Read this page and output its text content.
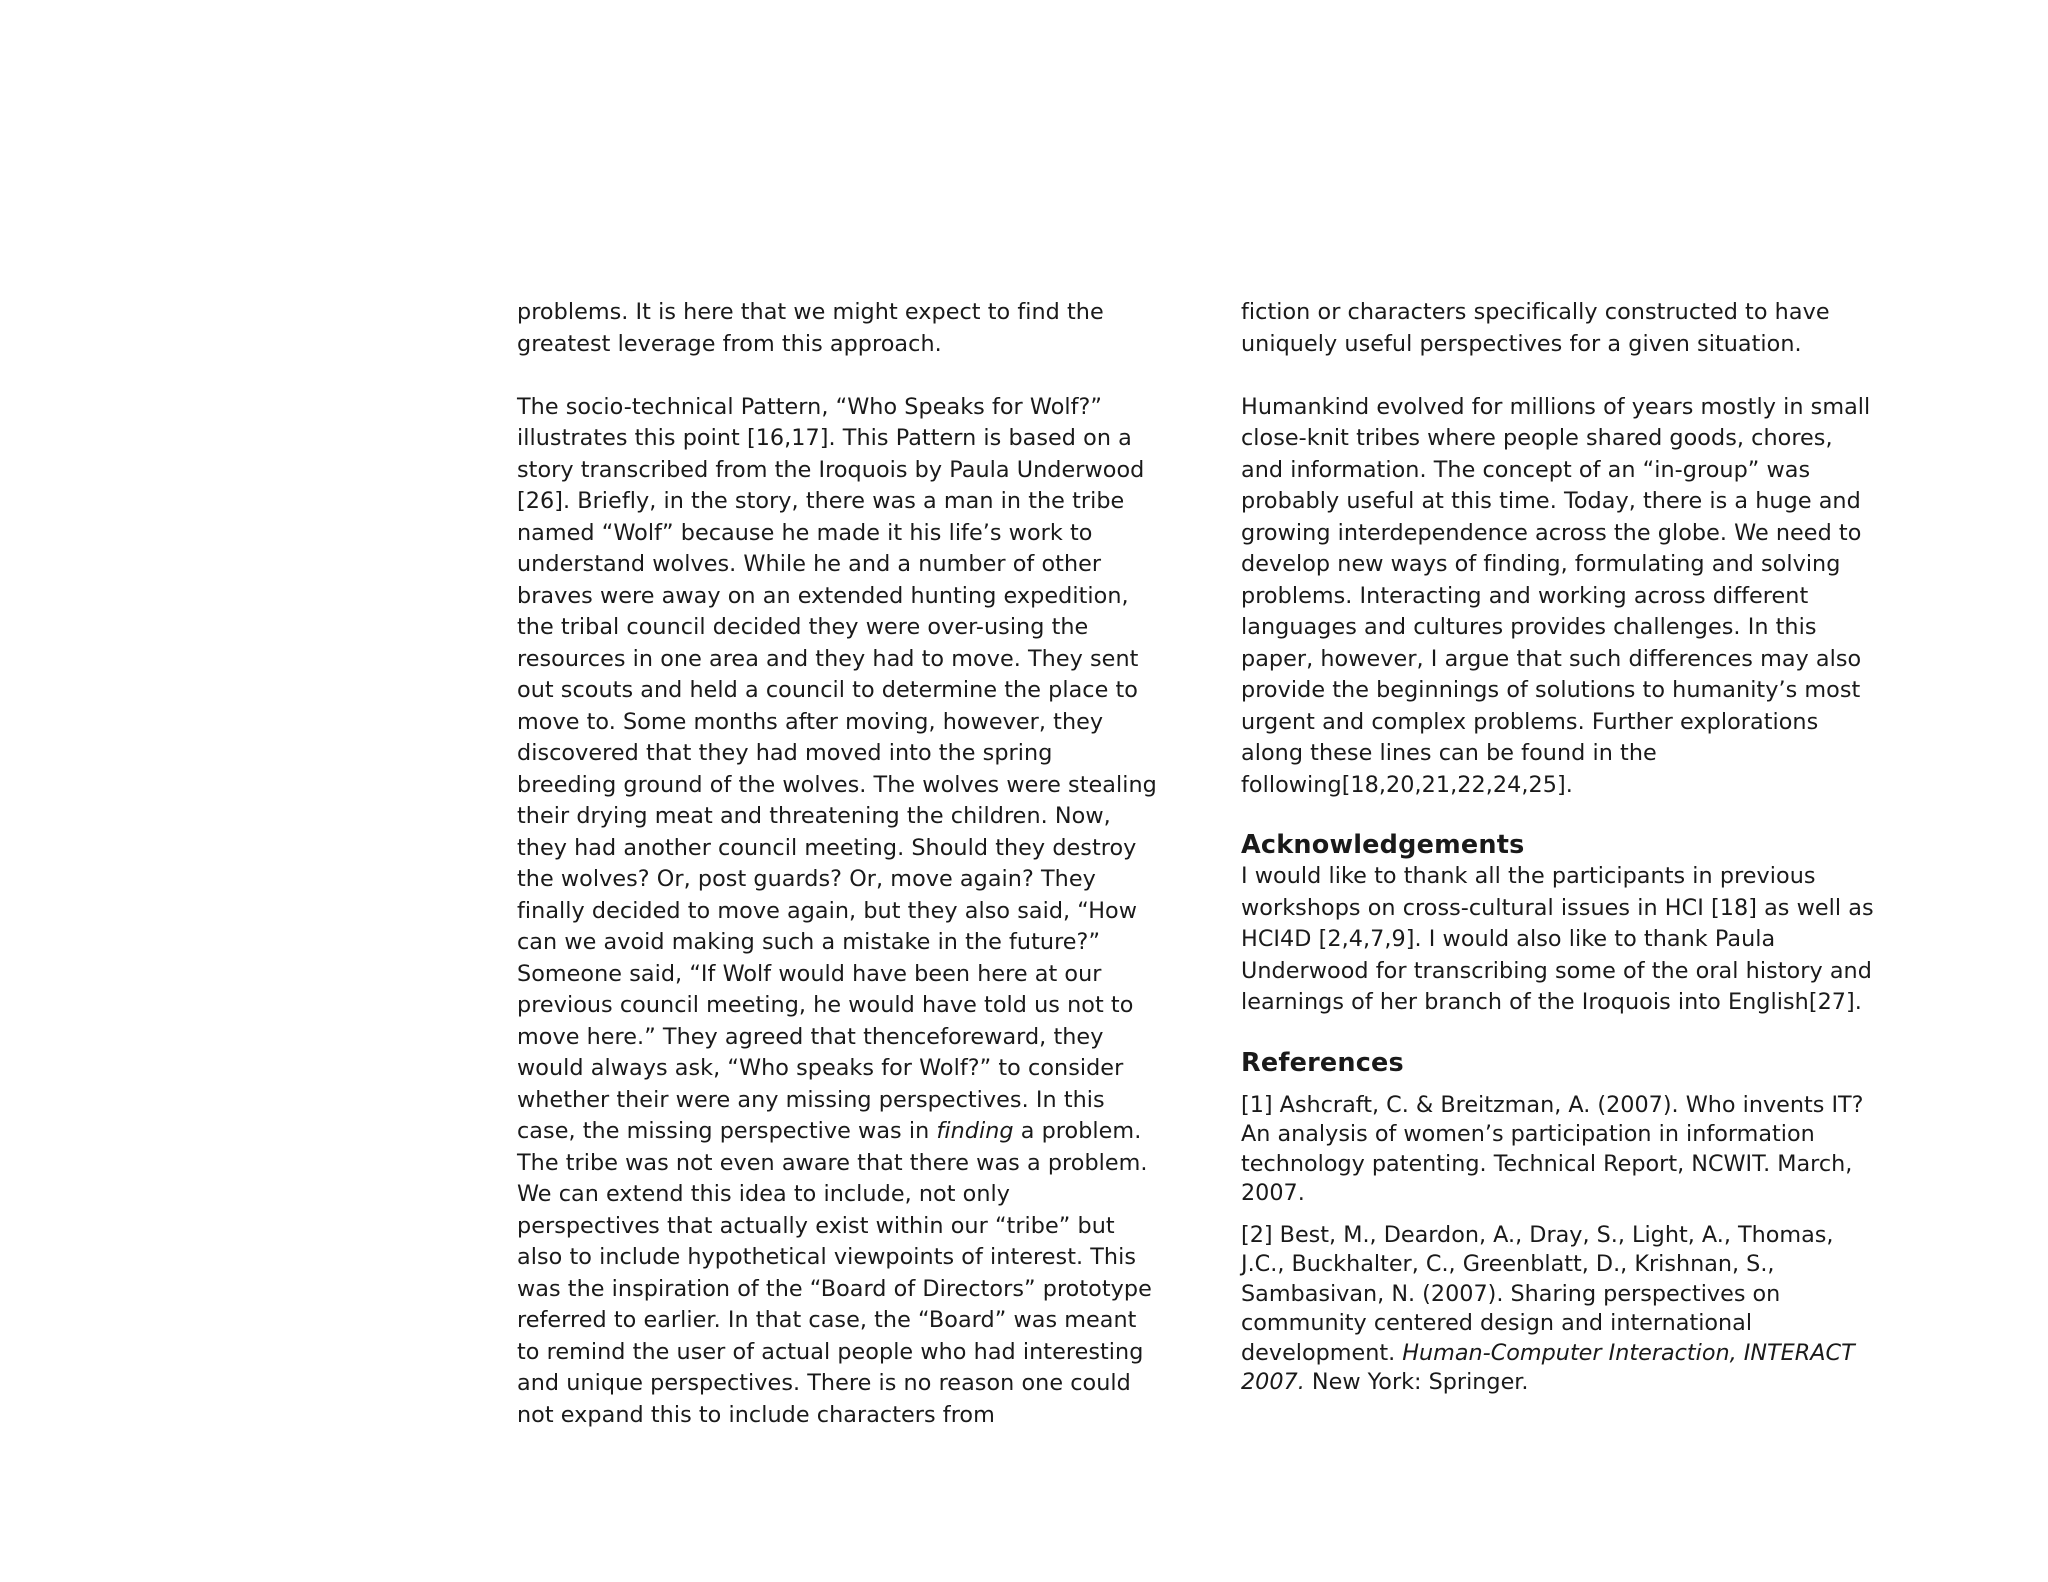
problems. It is here that we might expect to find the greatest leverage from this approach.

The socio-technical Pattern, “Who Speaks for Wolf?” illustrates this point [16,17]. This Pattern is based on a story transcribed from the Iroquois by Paula Underwood [26]. Briefly, in the story, there was a man in the tribe named “Wolf” because he made it his life’s work to understand wolves. While he and a number of other braves were away on an extended hunting expedition, the tribal council decided they were over-using the resources in one area and they had to move. They sent out scouts and held a council to determine the place to move to. Some months after moving, however, they discovered that they had moved into the spring breeding ground of the wolves. The wolves were stealing their drying meat and threatening the children. Now, they had another council meeting. Should they destroy the wolves? Or, post guards? Or, move again? They finally decided to move again, but they also said, “How can we avoid making such a mistake in the future?” Someone said, “If Wolf would have been here at our previous council meeting, he would have told us not to move here.” They agreed that thenceforeward, they would always ask, “Who speaks for Wolf?” to consider whether their were any missing perspectives. In this case, the missing perspective was in finding a problem. The tribe was not even aware that there was a problem. We can extend this idea to include, not only perspectives that actually exist within our “tribe” but also to include hypothetical viewpoints of interest. This was the inspiration of the “Board of Directors” prototype referred to earlier. In that case, the “Board” was meant to remind the user of actual people who had interesting and unique perspectives. There is no reason one could not expand this to include characters from

fiction or characters specifically constructed to have uniquely useful perspectives for a given situation.

Humankind evolved for millions of years mostly in small close-knit tribes where people shared goods, chores, and information. The concept of an “in-group” was probably useful at this time. Today, there is a huge and growing interdependence across the globe. We need to develop new ways of finding, formulating and solving problems. Interacting and working across different languages and cultures provides challenges. In this paper, however, I argue that such differences may also provide the beginnings of solutions to humanity’s most urgent and complex problems. Further explorations along these lines can be found in the following[18,20,21,22,24,25].

Acknowledgements

I would like to thank all the participants in previous workshops on cross-cultural issues in HCI [18] as well as HCI4D [2,4,7,9]. I would also like to thank Paula Underwood for transcribing some of the oral history and learnings of her branch of the Iroquois into English[27].

References

[1] Ashcraft, C. & Breitzman, A. (2007). Who invents IT? An analysis of women’s participation in information technology patenting. Technical Report, NCWIT. March, 2007.

[2] Best, M., Deardon, A., Dray, S., Light, A., Thomas, J.C., Buckhalter, C., Greenblatt, D., Krishnan, S., Sambasivan, N. (2007). Sharing perspectives on community centered design and international development. Human-Computer Interaction, INTERACT 2007. New York: Springer.
